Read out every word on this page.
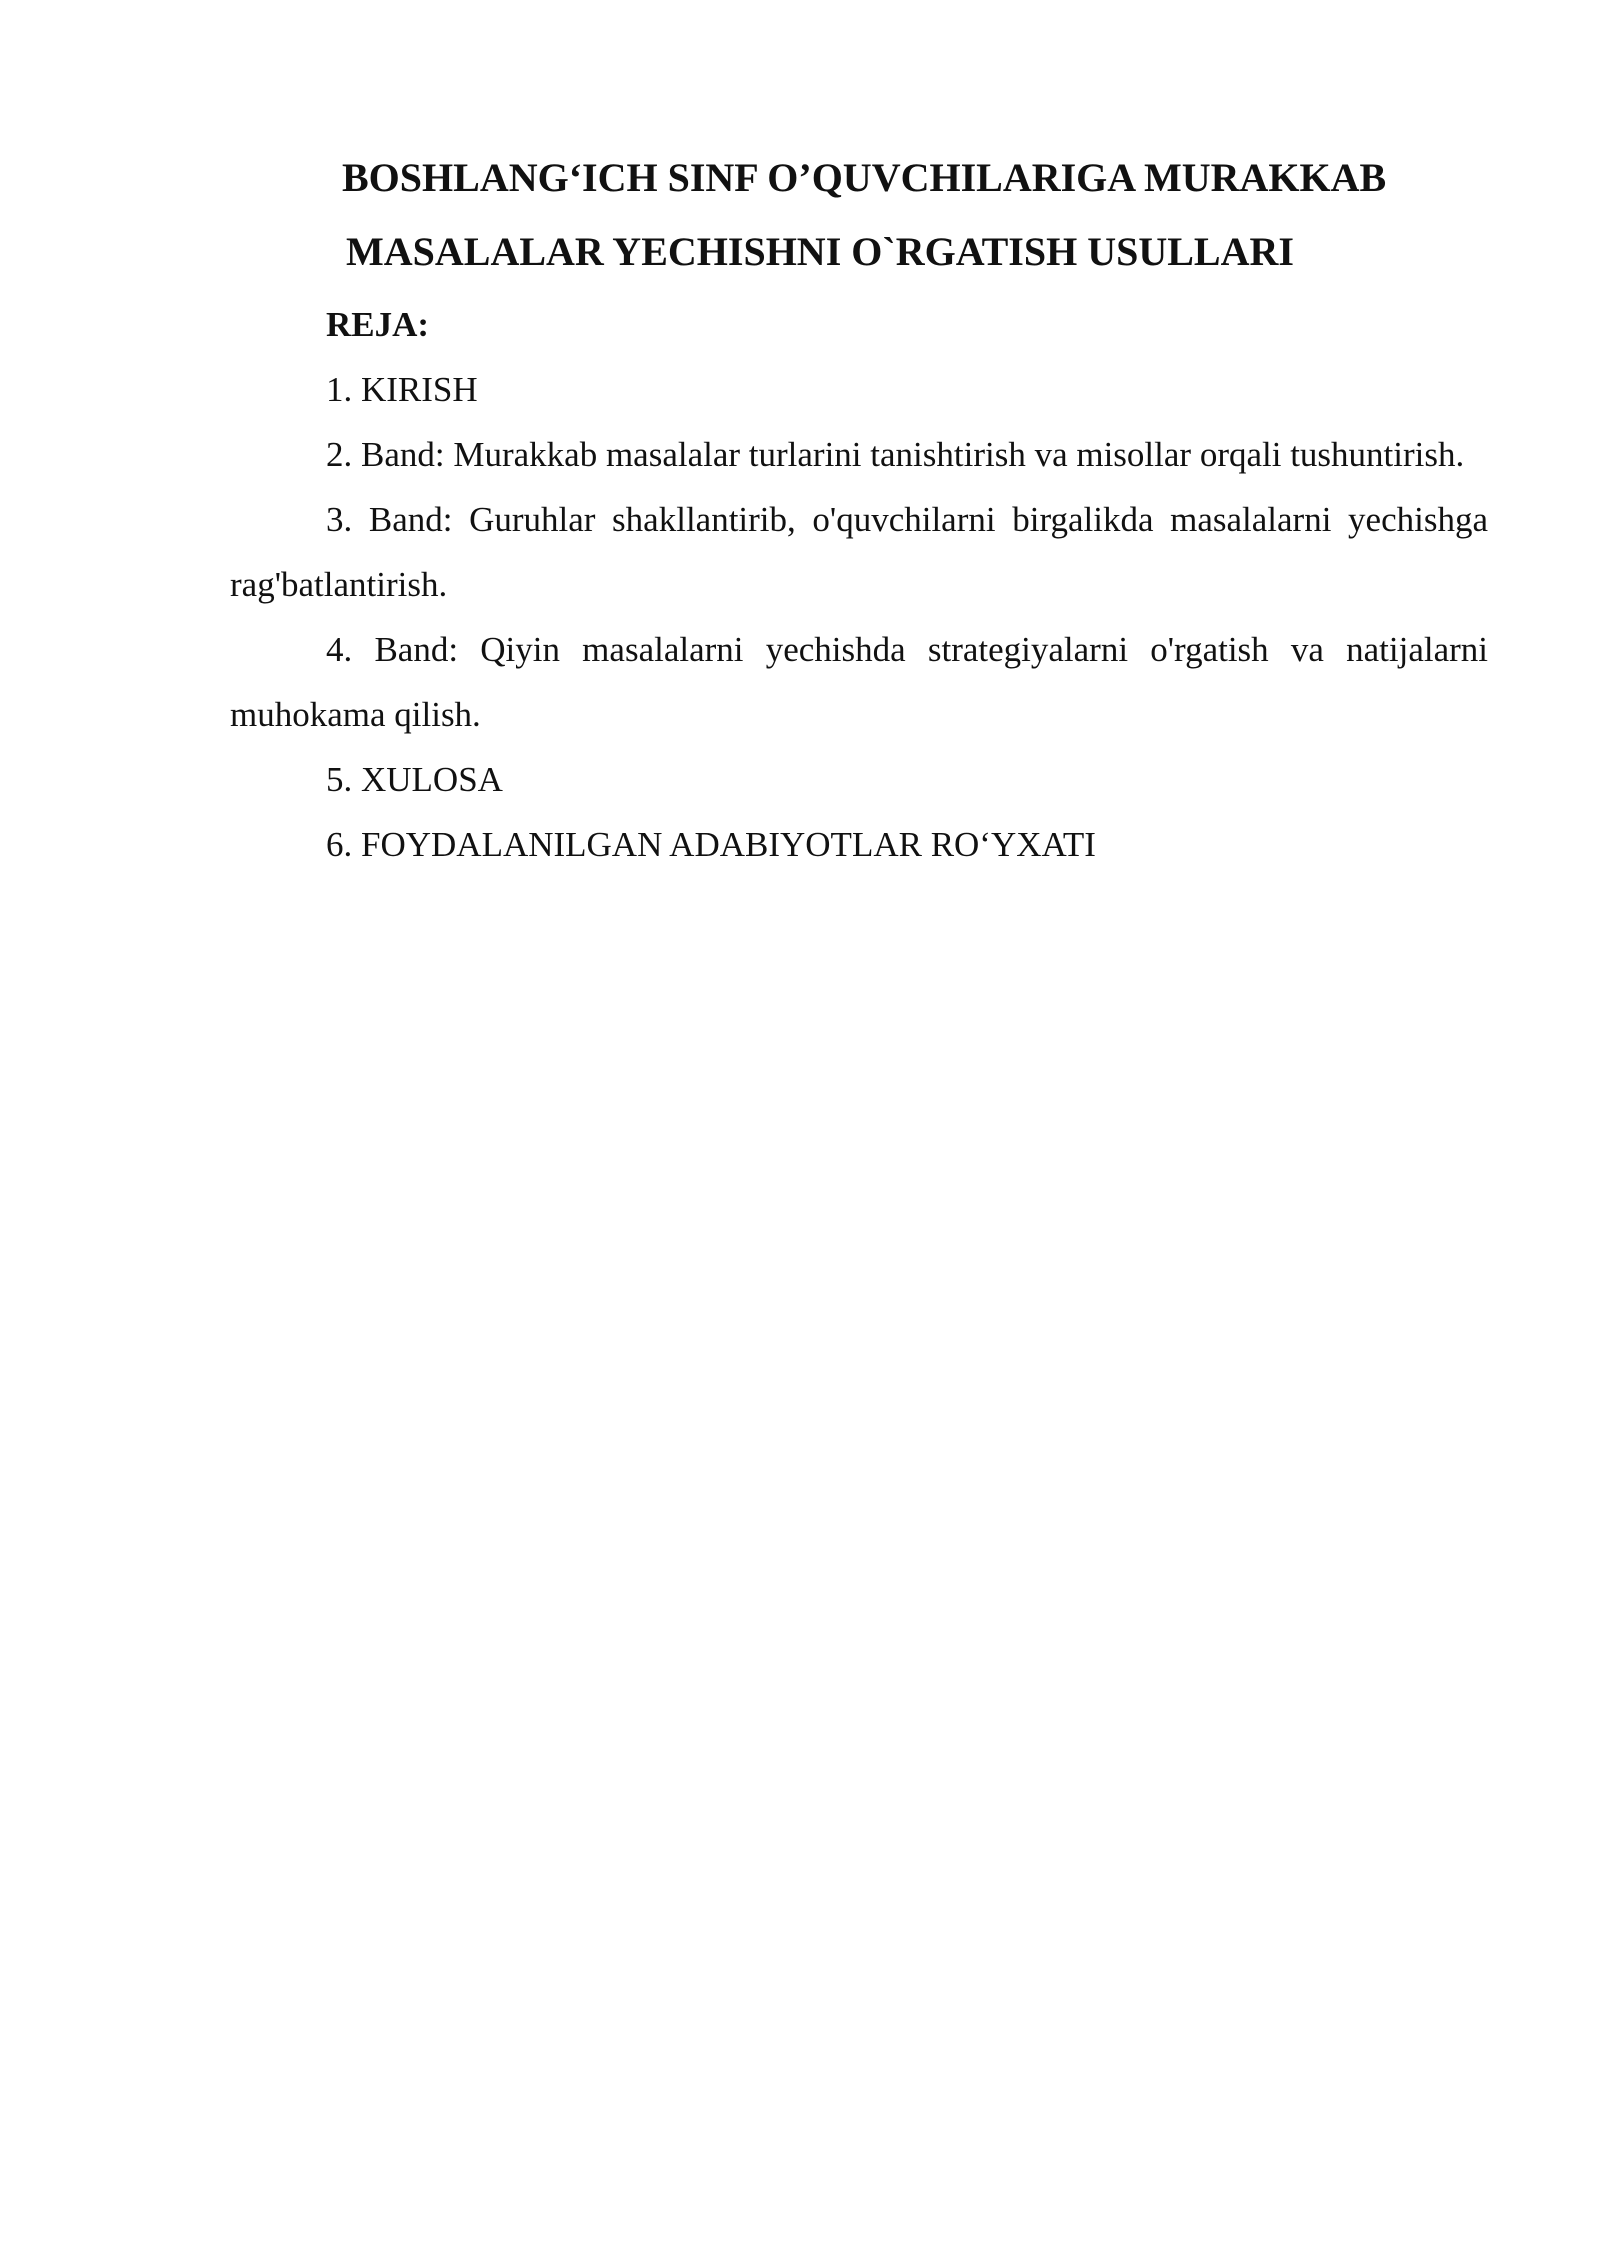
BOSHLANG‘ICH SINF O’QUVCHILARIGA MURAKKAB
MASALALAR YECHISHNI O`RGATISH USULLARI

REJA:

1. KIRISH

2. Band: Murakkab masalalar turlarini tanishtirish va misollar orqali tushuntirish.

3. Band: Guruhlar shakllantirib, o'quvchilarni birgalikda masalalarni yechishga rag'batlantirish.

4. Band: Qiyin masalalarni yechishda strategiyalarni o'rgatish va natijalarni muhokama qilish.

5. XULOSA

6. FOYDALANILGAN ADABIYOTLAR RO‘YXATI
